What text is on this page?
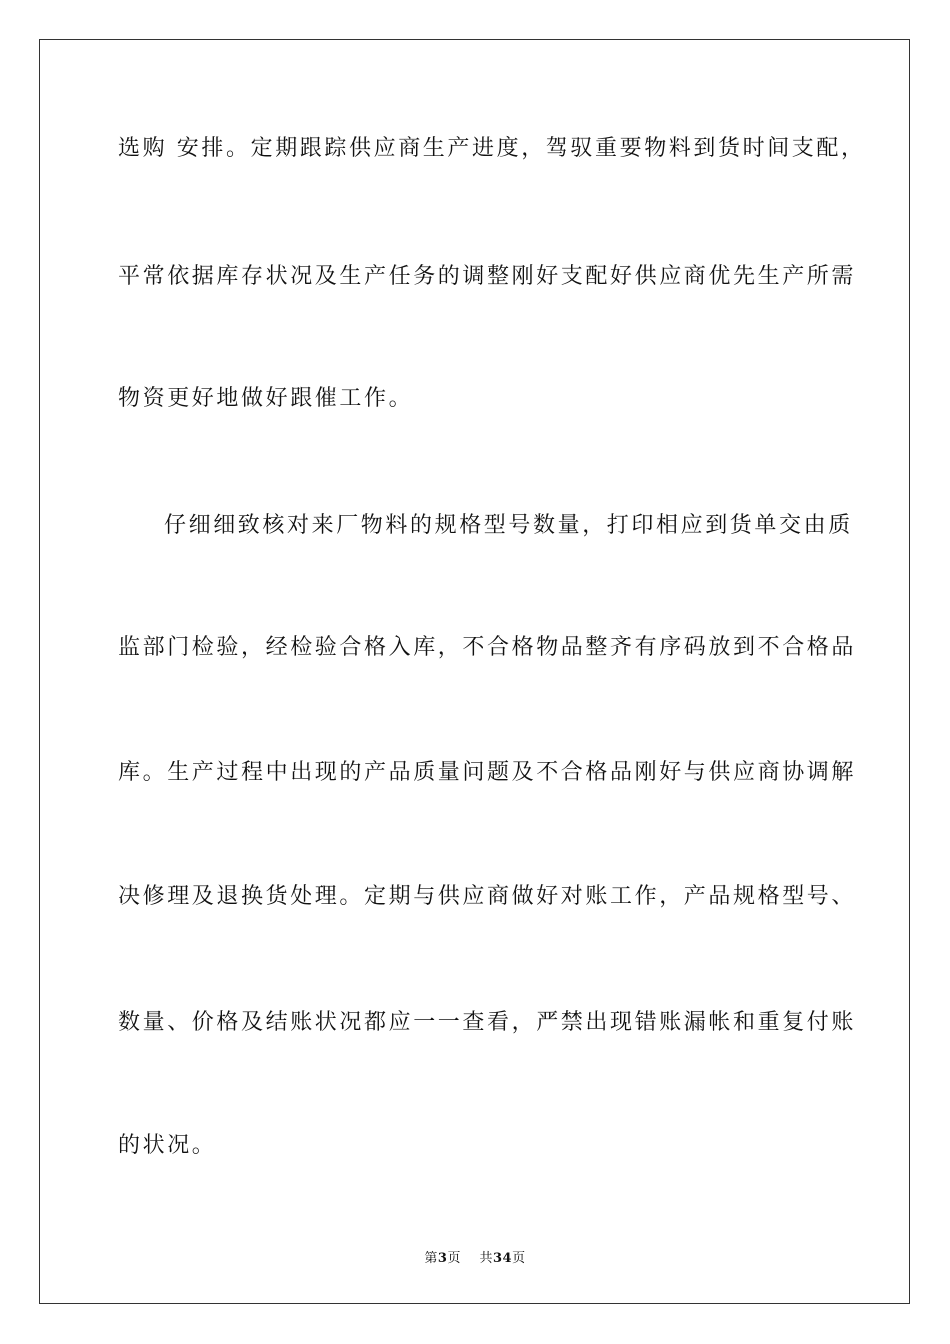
选购 安排。定期跟踪供应商生产进度，驾驭重要物料到货时间支配，
平常依据库存状况及生产任务的调整刚好支配好供应商优先生产所需
物资更好地做好跟催工作。
仔细细致核对来厂物料的规格型号数量，打印相应到货单交由质
监部门检验，经检验合格入库，不合格物品整齐有序码放到不合格品
库。生产过程中出现的产品质量问题及不合格品刚好与供应商协调解
决修理及退换货处理。定期与供应商做好对账工作，产品规格型号、
数量、价格及结账状况都应一一查看，严禁出现错账漏帐和重复付账
的状况。
第3页 共34页
